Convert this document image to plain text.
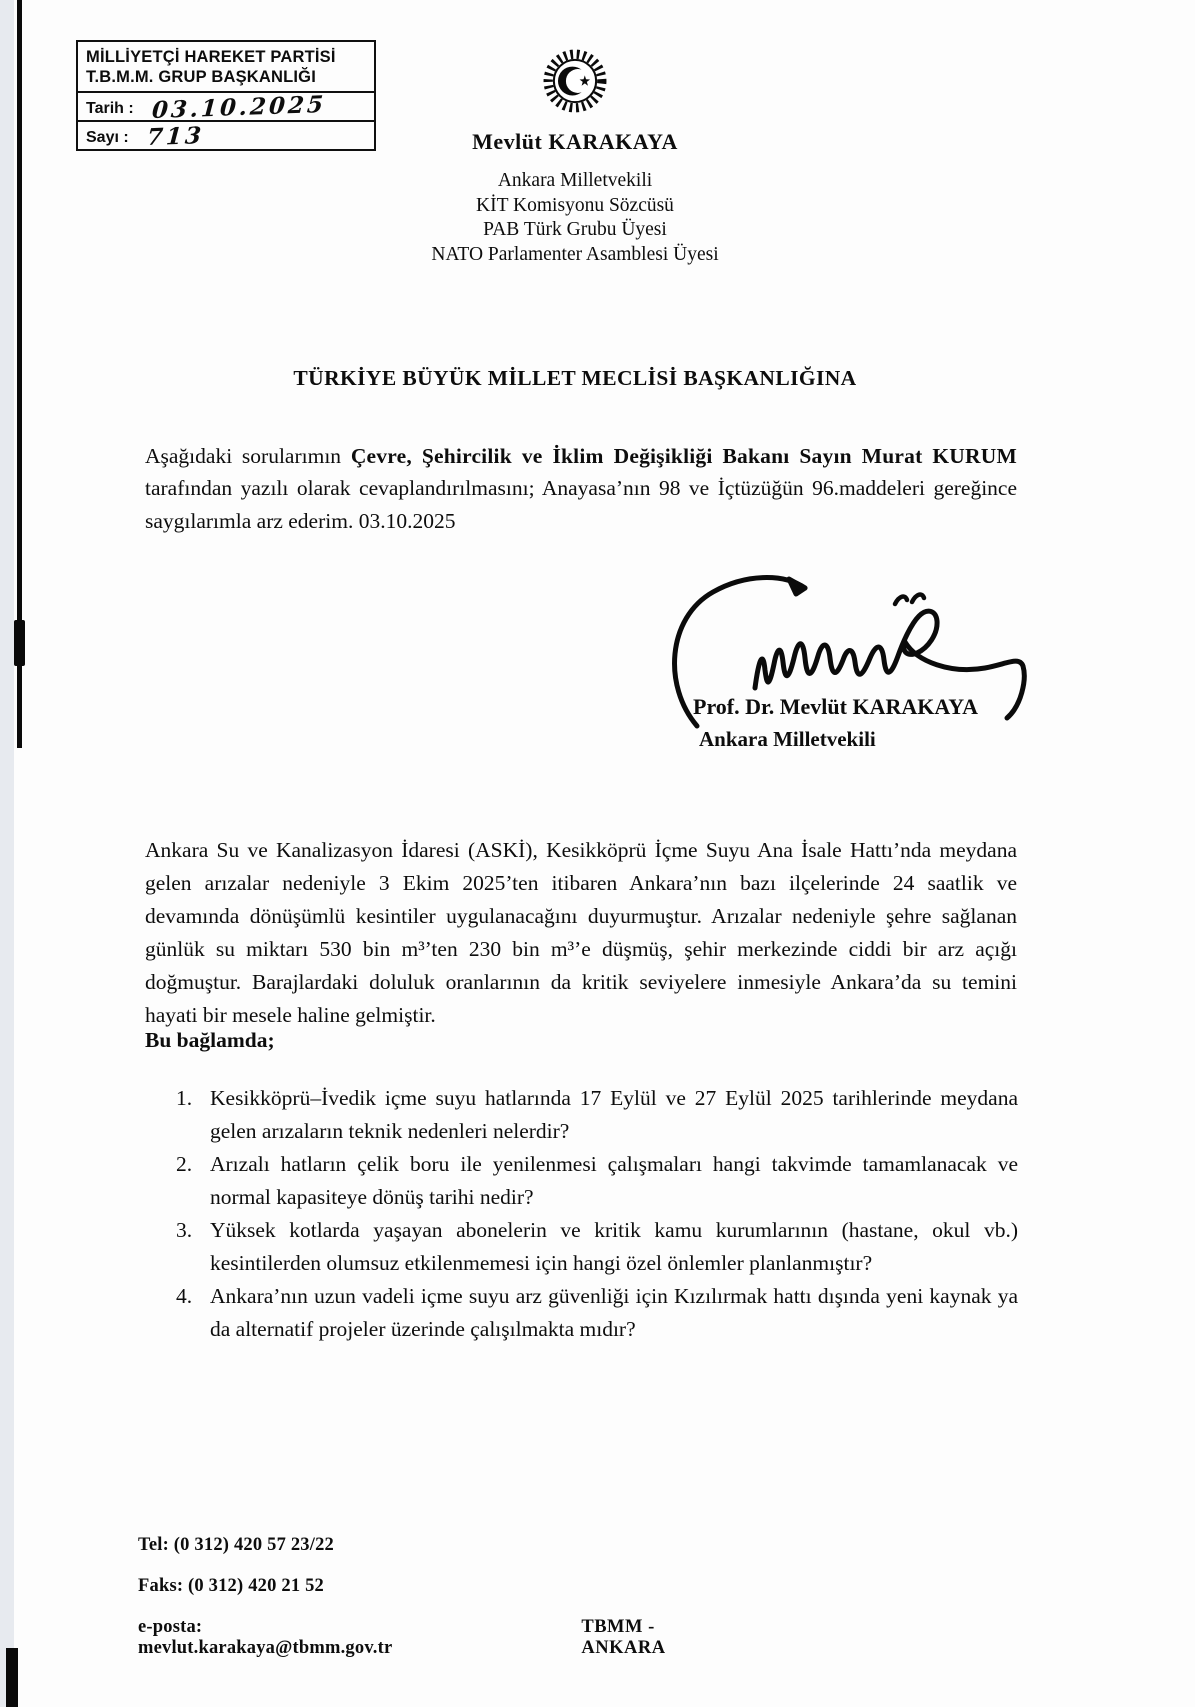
MİLLİYETÇİ HAREKET PARTİSİ
T.B.M.M. GRUP BAŞKANLIĞI
Tarih : 03.10.2025
Sayı : 713	Mevlüt KARAKAYA
Ankara Milletvekili
KİT Komisyonu Sözcüsü
PAB Türk Grubu Üyesi
NATO Parlamenter Asamblesi Üyesi
TÜRKİYE BÜYÜK MİLLET MECLİSİ BAŞKANLIĞINA

Aşağıdaki sorularımın Çevre, Şehircilik ve İklim Değişikliği Bakanı Sayın Murat KURUM tarafından yazılı olarak cevaplandırılmasını; Anayasa’nın 98 ve İçtüzüğün 96.maddeleri gereğince saygılarımla arz ederim. 03.10.2025

Prof. Dr. Mevlüt KARAKAYA
Ankara Milletvekili

Ankara Su ve Kanalizasyon İdaresi (ASKİ), Kesikköprü İçme Suyu Ana İsale Hattı’nda meydana gelen arızalar nedeniyle 3 Ekim 2025’ten itibaren Ankara’nın bazı ilçelerinde 24 saatlik ve devamında dönüşümlü kesintiler uygulanacağını duyurmuştur. Arızalar nedeniyle şehre sağlanan günlük su miktarı 530 bin m³’ten 230 bin m³’e düşmüş, şehir merkezinde ciddi bir arz açığı doğmuştur. Barajlardaki doluluk oranlarının da kritik seviyelere inmesiyle Ankara’da su temini hayati bir mesele haline gelmiştir.

Bu bağlamda;
1. Kesikköprü–İvedik içme suyu hatlarında 17 Eylül ve 27 Eylül 2025 tarihlerinde meydana gelen arızaların teknik nedenleri nelerdir?
2. Arızalı hatların çelik boru ile yenilenmesi çalışmaları hangi takvimde tamamlanacak ve normal kapasiteye dönüş tarihi nedir?
3. Yüksek kotlarda yaşayan abonelerin ve kritik kamu kurumlarının (hastane, okul vb.) kesintilerden olumsuz etkilenmemesi için hangi özel önlemler planlanmıştır?
4. Ankara’nın uzun vadeli içme suyu arz güvenliği için Kızılırmak hattı dışında yeni kaynak ya da alternatif projeler üzerinde çalışılmakta mıdır?
Tel: (0 312) 420 57 23/22
Faks: (0 312) 420 21 52
e-posta: mevlut.karakaya@tbmm.gov.tr
TBMM - ANKARA
